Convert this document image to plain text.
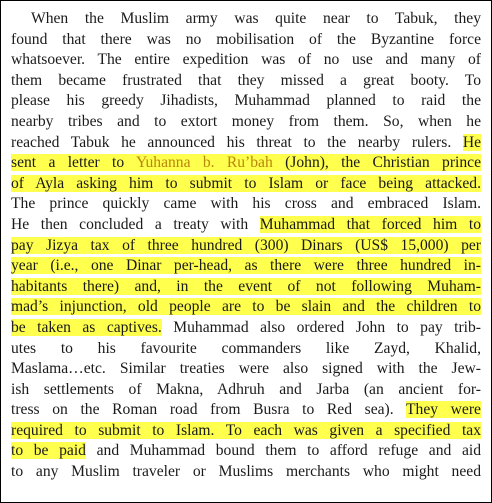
When the Muslim army was quite near to Tabuk, they
found that there was no mobilisation of the Byzantine force
whatsoever. The entire expedition was of no use and many of
them became frustrated that they missed a great booty. To
please his greedy Jihadists, Muhammad planned to raid the
nearby tribes and to extort money from them. So, when he
reached Tabuk he announced his threat to the nearby rulers. He
sent a letter to Yuhanna b. Ru’bah (John), the Christian prince
of Ayla asking him to submit to Islam or face being attacked.
The prince quickly came with his cross and embraced Islam.
He then concluded a treaty with Muhammad that forced him to
pay Jizya tax of three hundred (300) Dinars (US$ 15,000) per
year (i.e., one Dinar per-head, as there were three hundred in-
habitants there) and, in the event of not following Muham-
mad’s injunction, old people are to be slain and the children to
be taken as captives. Muhammad also ordered John to pay trib-
utes to his favourite commanders like Zayd, Khalid,
Maslama…etc. Similar treaties were also signed with the Jew-
ish settlements of Makna, Adhruh and Jarba (an ancient for-
tress on the Roman road from Busra to Red sea). They were
required to submit to Islam. To each was given a specified tax
to be paid and Muhammad bound them to afford refuge and aid
to any Muslim traveler or Muslims merchants who might need
